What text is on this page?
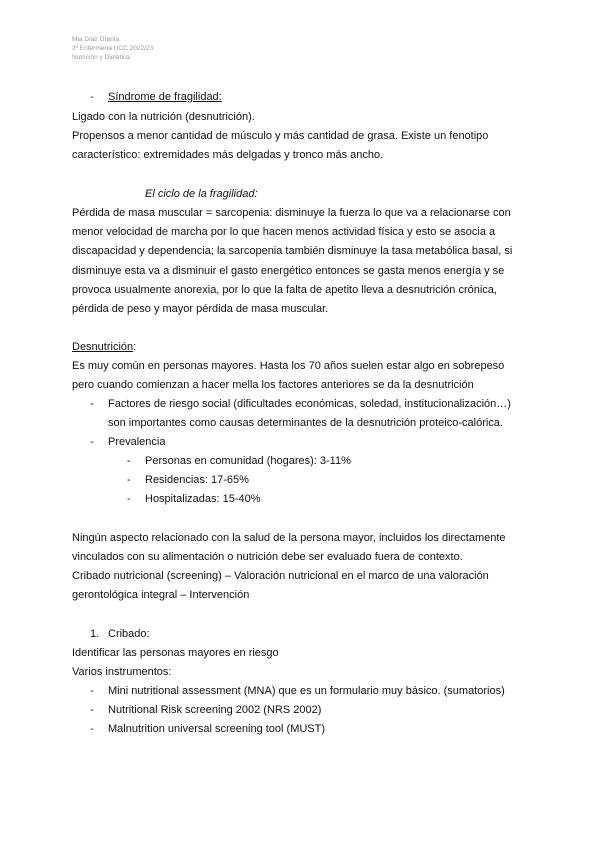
Mia Díaz Granta
2º Enfermería UCC 2022/23
Nutrición y Dietética
- Síndrome de fragilidad:
Ligado con la nutrición (desnutrición).
Propensos a menor cantidad de músculo y más cantidad de grasa. Existe un fenotipo
característico: extremidades más delgadas y tronco más ancho.
El ciclo de la fragilidad:
Pérdida de masa muscular = sarcopenia: disminuye la fuerza lo que va a relacionarse con
menor velocidad de marcha por lo que hacen menos actividad física y esto se asocia a
discapacidad y dependencia; la sarcopenia también disminuye la tasa metabólica basal, si
disminuye esta va a disminuir el gasto energético entonces se gasta menos energía y se
provoca usualmente anorexia, por lo que la falta de apetito lleva a desnutrición crónica,
pérdida de peso y mayor pérdida de masa muscular.
Desnutrición:
Es muy común en personas mayores. Hasta los 70 años suelen estar algo en sobrepeso
pero cuando comienzan a hacer mella los factores anteriores se da la desnutrición
- Factores de riesgo social (dificultades económicas, soledad, institucionalización…)
son importantes como causas determinantes de la desnutrición proteico-calórica.
- Prevalencia
- Personas en comunidad (hogares): 3-11%
- Residencias: 17-65%
- Hospitalizadas: 15-40%
Ningún aspecto relacionado con la salud de la persona mayor, incluidos los directamente
vinculados con su alimentación o nutrición debe ser evaluado fuera de contexto.
Cribado nutricional (screening) – Valoración nutricional en el marco de una valoración
gerontológica integral – Intervención
1. Cribado:
Identificar las personas mayores en riesgo
Varios instrumentos:
- Mini nutritional assessment (MNA) que es un formulario muy básico. (sumatorios)
- Nutritional Risk screening 2002 (NRS 2002)
- Malnutrition universal screening tool (MUST)
